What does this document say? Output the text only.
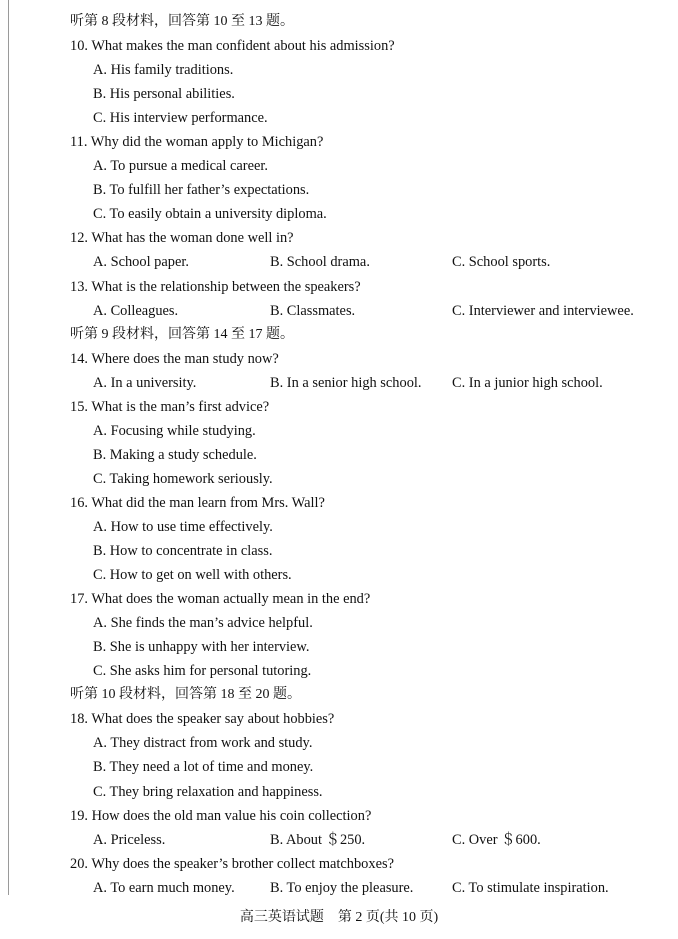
听第 8 段材料，回答第 10 至 13 题。
10. What makes the man confident about his admission?
A. His family traditions.
B. His personal abilities.
C. His interview performance.
11. Why did the woman apply to Michigan?
A. To pursue a medical career.
B. To fulfill her father’s expectations.
C. To easily obtain a university diploma.
12. What has the woman done well in?
A. School paper.	B. School drama.	C. School sports.
13. What is the relationship between the speakers?
A. Colleagues.	B. Classmates.	C. Interviewer and interviewee.
听第 9 段材料，回答第 14 至 17 题。
14. Where does the man study now?
A. In a university.	B. In a senior high school. C. In a junior high school.
15. What is the man’s first advice?
A. Focusing while studying.
B. Making a study schedule.
C. Taking homework seriously.
16. What did the man learn from Mrs. Wall?
A. How to use time effectively.
B. How to concentrate in class.
C. How to get on well with others.
17. What does the woman actually mean in the end?
A. She finds the man’s advice helpful.
B. She is unhappy with her interview.
C. She asks him for personal tutoring.
听第 10 段材料，回答第 18 至 20 题。
18. What does the speaker say about hobbies?
A. They distract from work and study.
B. They need a lot of time and money.
C. They bring relaxation and happiness.
19. How does the old man value his coin collection?
A. Priceless.	B. About ＄250.	C. Over ＄600.
20. Why does the speaker’s brother collect matchboxes?
A. To earn much money. B. To enjoy the pleasure.	C. To stimulate inspiration.
高三英语试题　第 2 页(共 10 页)
